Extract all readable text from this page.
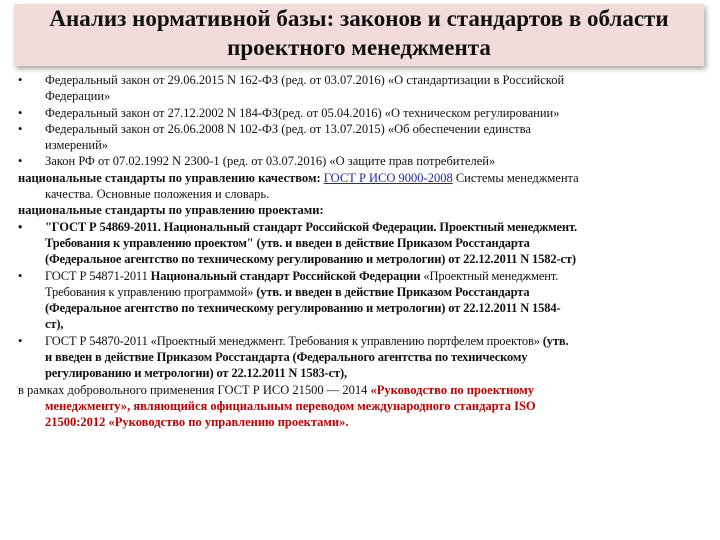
Анализ нормативной базы: законов и стандартов в области
проектного менеджмента
• Федеральный закон от 29.06.2015 N 162-ФЗ (ред. от 03.07.2016) «О стандартизации в Российской
Федерации»
• Федеральный закон от 27.12.2002 N 184-ФЗ(ред. от 05.04.2016) «О техническом регулировании»
• Федеральный закон от 26.06.2008 N 102-ФЗ (ред. от 13.07.2015) «Об обеспечении единства
измерений»
• Закон РФ от 07.02.1992 N 2300-1 (ред. от 03.07.2016) «О защите прав потребителей»

национальные стандарты по управлению качеством: ГОСТ Р ИСО 9000-2008 Системы менеджмента
качества. Основные положения и словарь.

национальные стандарты по управлению проектами:

• "ГОСТ Р 54869-2011. Национальный стандарт Российской Федерации. Проектный менеджмент.
Требования к управлению проектом" (утв. и введен в действие Приказом Росстандарта
(Федеральное агентство по техническому регулированию и метрологии) от 22.12.2011 N 1582-ст)
• ГОСТ Р 54871-2011 Национальный стандарт Российской Федерации «Проектный менеджмент.
Требования к управлению программой» (утв. и введен в действие Приказом Росстандарта
(Федеральное агентство по техническому регулированию и метрологии) от 22.12.2011 N 1584-
ст),
• ГОСТ Р 54870-2011 «Проектный менеджмент. Требования к управлению портфелем проектов» (утв.
и введен в действие Приказом Росстандарта (Федерального агентства по техническому
регулированию и метрологии) от 22.12.2011 N 1583-ст),

в рамках добровольного применения ГОСТ Р ИСО 21500 — 2014 «Руководство по проектному
менеджменту», являющийся официальным переводом международного стандарта ISO
21500:2012 «Руководство по управлению проектами».
